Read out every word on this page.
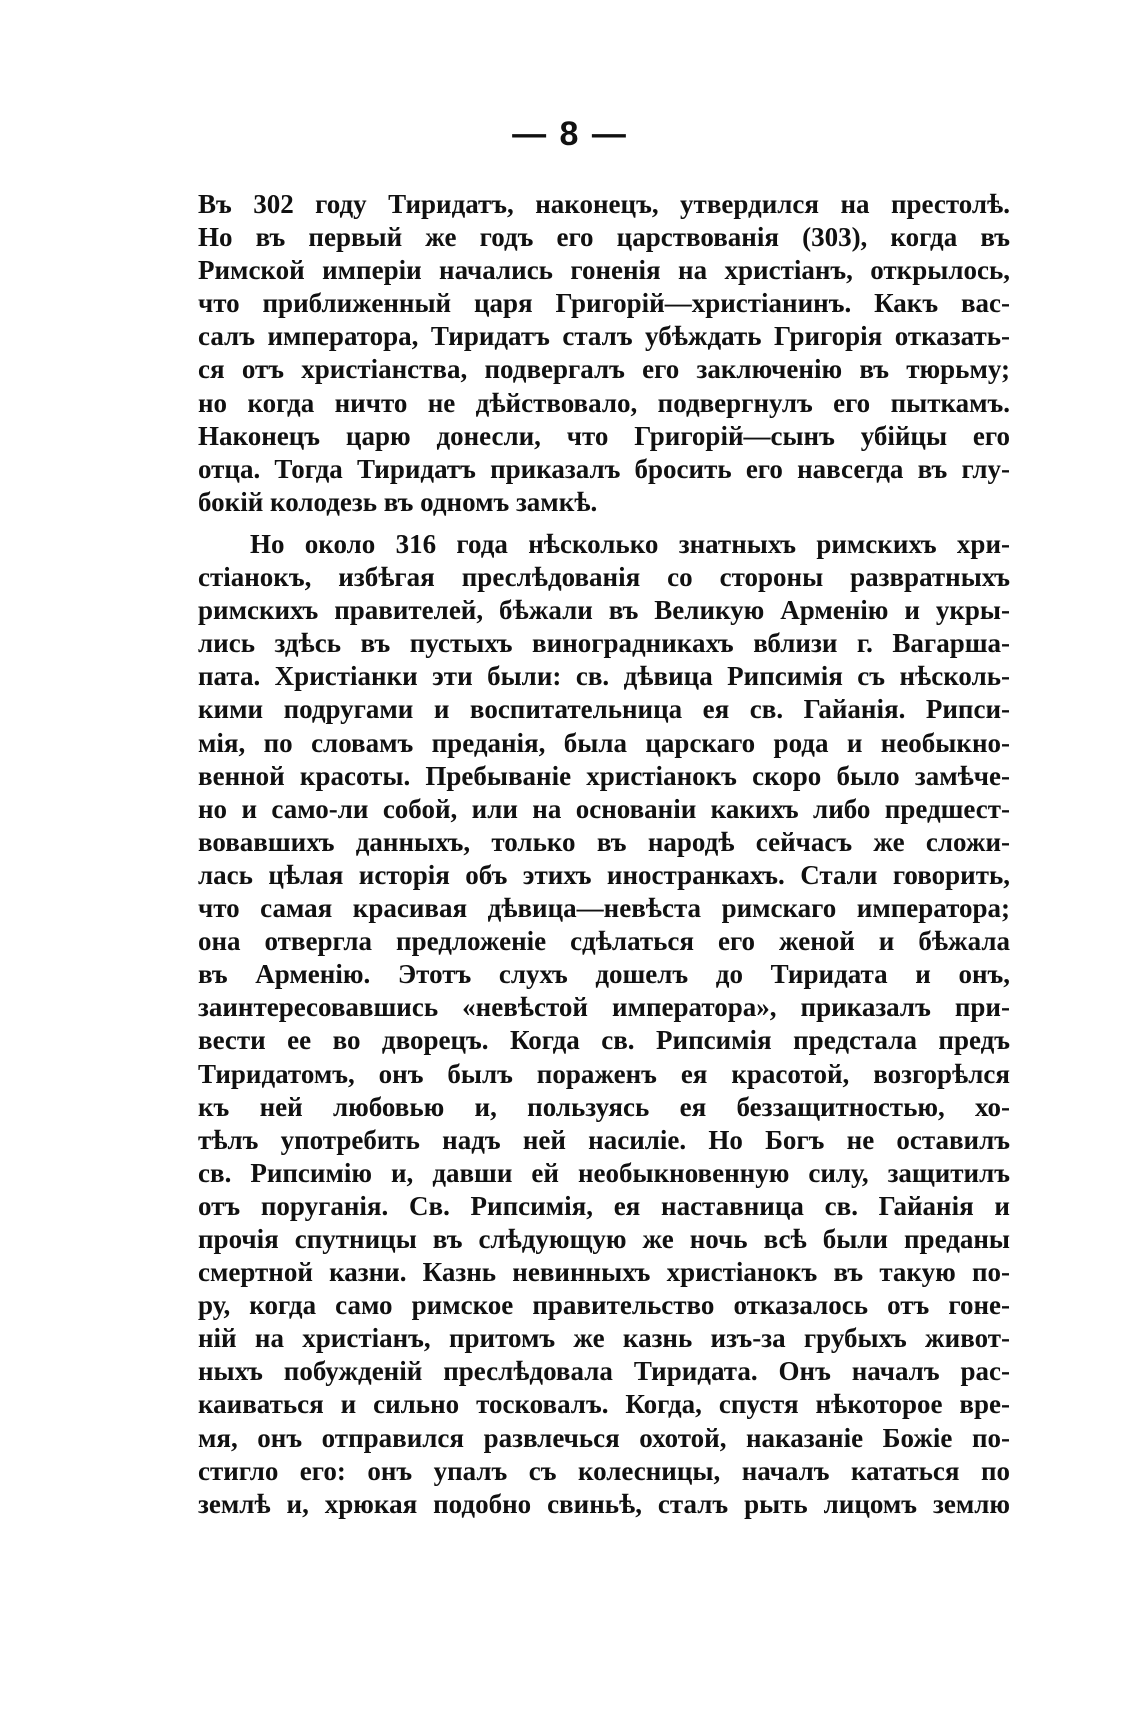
— 8 —
Въ 302 году Тиридатъ, наконецъ, утвердился на престолѣ.
Но въ первый же годъ его царствованія (303), когда въ
Римской имперіи начались гоненія на христіанъ, открылось,
что приближенный царя Григорій—христіанинъ. Какъ вас-
салъ императора, Тиридатъ сталъ убѣждать Григорія отказать-
ся отъ христіанства, подвергалъ его заключенію въ тюрьму;
но когда ничто не дѣйствовало, подвергнулъ его пыткамъ.
Наконецъ царю донесли, что Григорій—сынъ убійцы его
отца. Тогда Тиридатъ приказалъ бросить его навсегда въ глу-
бокій колодезь въ одномъ замкѣ.
Но около 316 года нѣсколько знатныхъ римскихъ хри-
стіанокъ, избѣгая преслѣдованія со стороны развратныхъ
римскихъ правителей, бѣжали въ Великую Арменію и укры-
лись здѣсь въ пустыхъ виноградникахъ вблизи г. Вагарша-
пата. Христіанки эти были: св. дѣвица Рипсимія съ нѣсколь-
кими подругами и воспитательница ея св. Гайанія. Рипси-
мія, по словамъ преданія, была царскаго рода и необыкно-
венной красоты. Пребываніе христіанокъ скоро было замѣче-
но и само-ли собой, или на основаніи какихъ либо предшест-
вовавшихъ данныхъ, только въ народѣ сейчасъ же сложи-
лась цѣлая исторія объ этихъ иностранкахъ. Стали говорить,
что самая красивая дѣвица—невѣста римскаго императора;
она отвергла предложеніе сдѣлаться его женой и бѣжала
въ Арменію. Этотъ слухъ дошелъ до Тиридата и онъ,
заинтересовавшись «невѣстой императора», приказалъ при-
вести ее во дворецъ. Когда св. Рипсимія предстала предъ
Тиридатомъ, онъ былъ пораженъ ея красотой, возгорѣлся
къ ней любовью и, пользуясь ея беззащитностью, хо-
тѣлъ употребить надъ ней насиліе. Но Богъ не оставилъ
св. Рипсимію и, давши ей необыкновенную силу, защитилъ
отъ поруганія. Св. Рипсимія, ея наставница св. Гайанія и
прочія спутницы въ слѣдующую же ночь всѣ были преданы
смертной казни. Казнь невинныхъ христіанокъ въ такую по-
ру, когда само римское правительство отказалось отъ гоне-
ній на христіанъ, притомъ же казнь изъ-за грубыхъ живот-
ныхъ побужденій преслѣдовала Тиридата. Онъ началъ рас-
каиваться и сильно тосковалъ. Когда, спустя нѣкоторое вре-
мя, онъ отправился развлечься охотой, наказаніе Божіе по-
стигло его: онъ упалъ съ колесницы, началъ кататься по
землѣ и, хрюкая подобно свиньѣ, сталъ рыть лицомъ землю
